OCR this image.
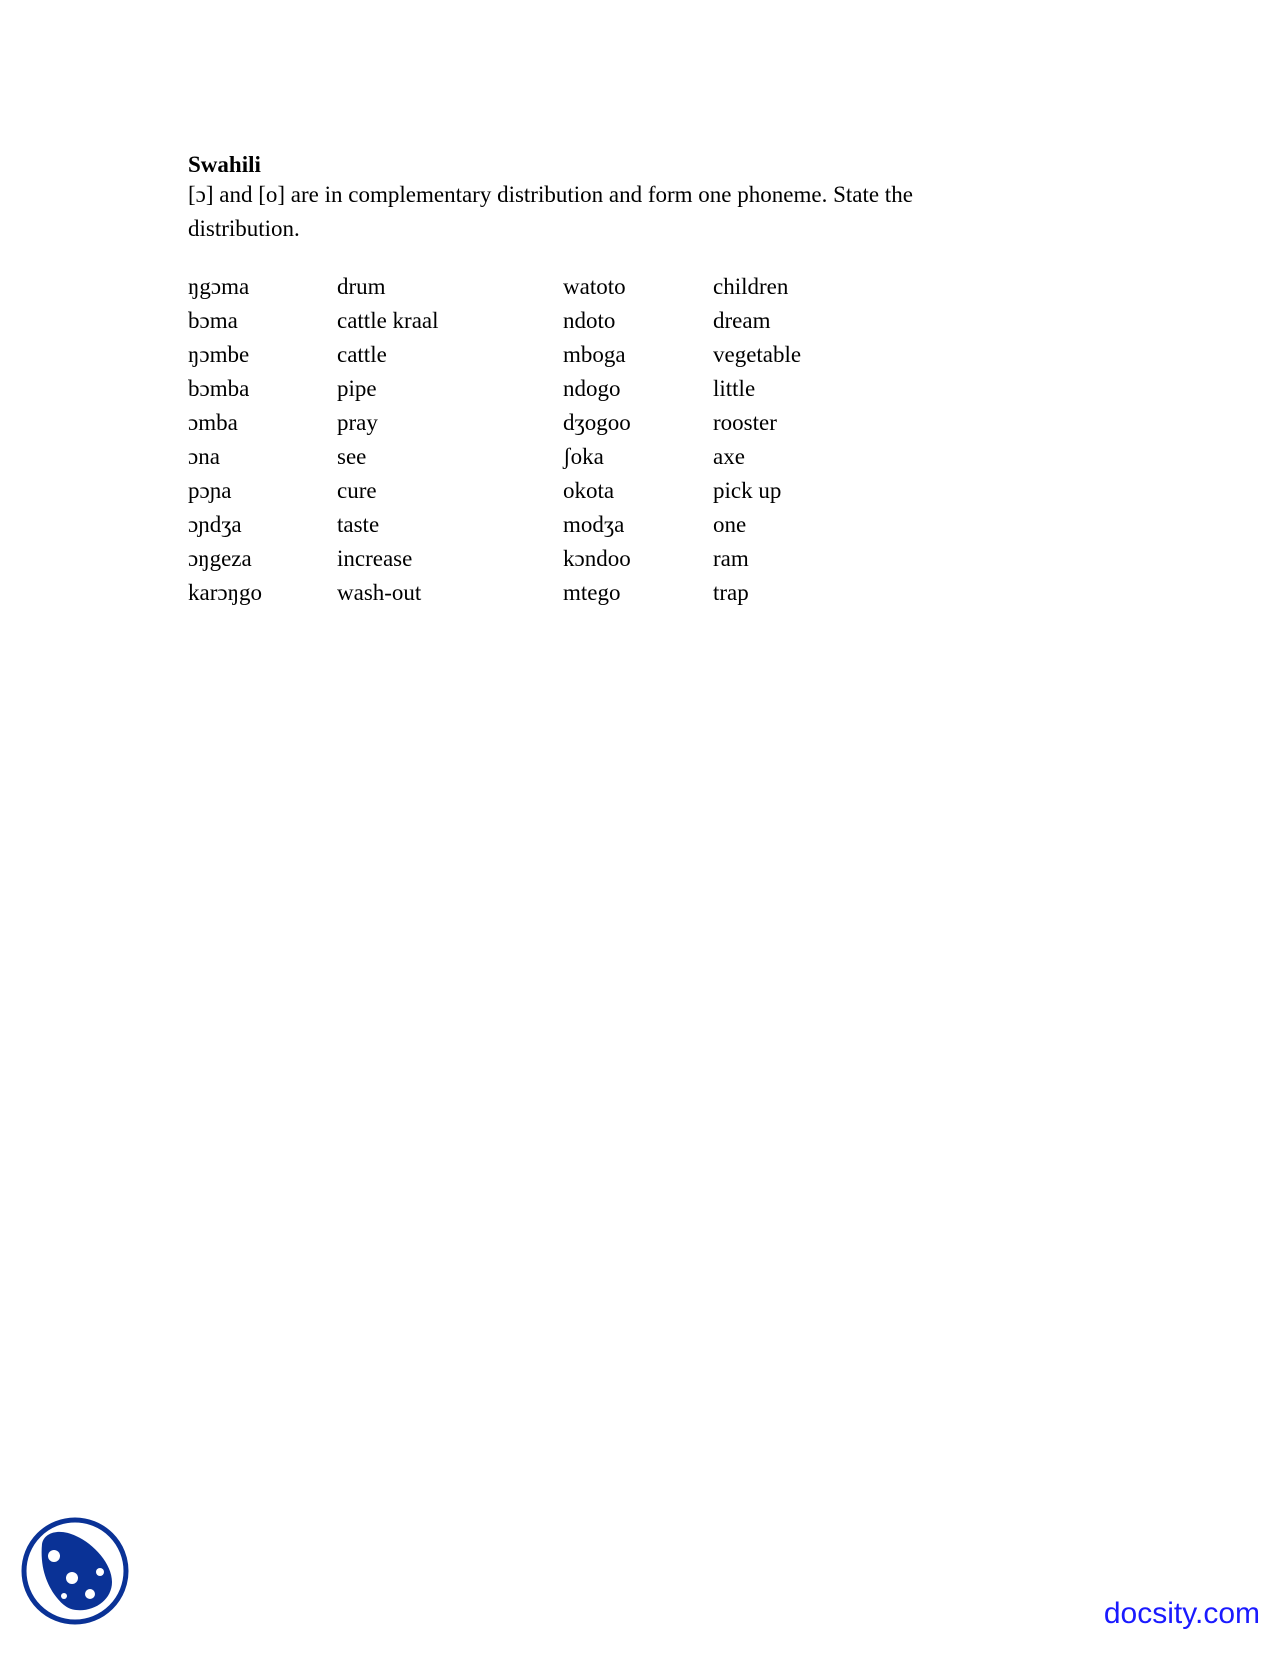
Swahili
[ɔ] and [o] are in complementary distribution and form one phoneme. State the distribution.
ŋgɔma	drum	watoto	children
bɔma	cattle kraal	ndoto	dream
ŋɔmbe	cattle	mboga	vegetable
bɔmba	pipe	ndogo	little
ɔmba	pray	dʒogoo	rooster
ɔna	see	ʃoka	axe
pɔɲa	cure	okota	pick up
ɔɲdʒa	taste	modʒa	one
ɔŋgeza	increase	kɔndoo	ram
karɔŋgo	wash-out	mtego	trap
docsity.com
